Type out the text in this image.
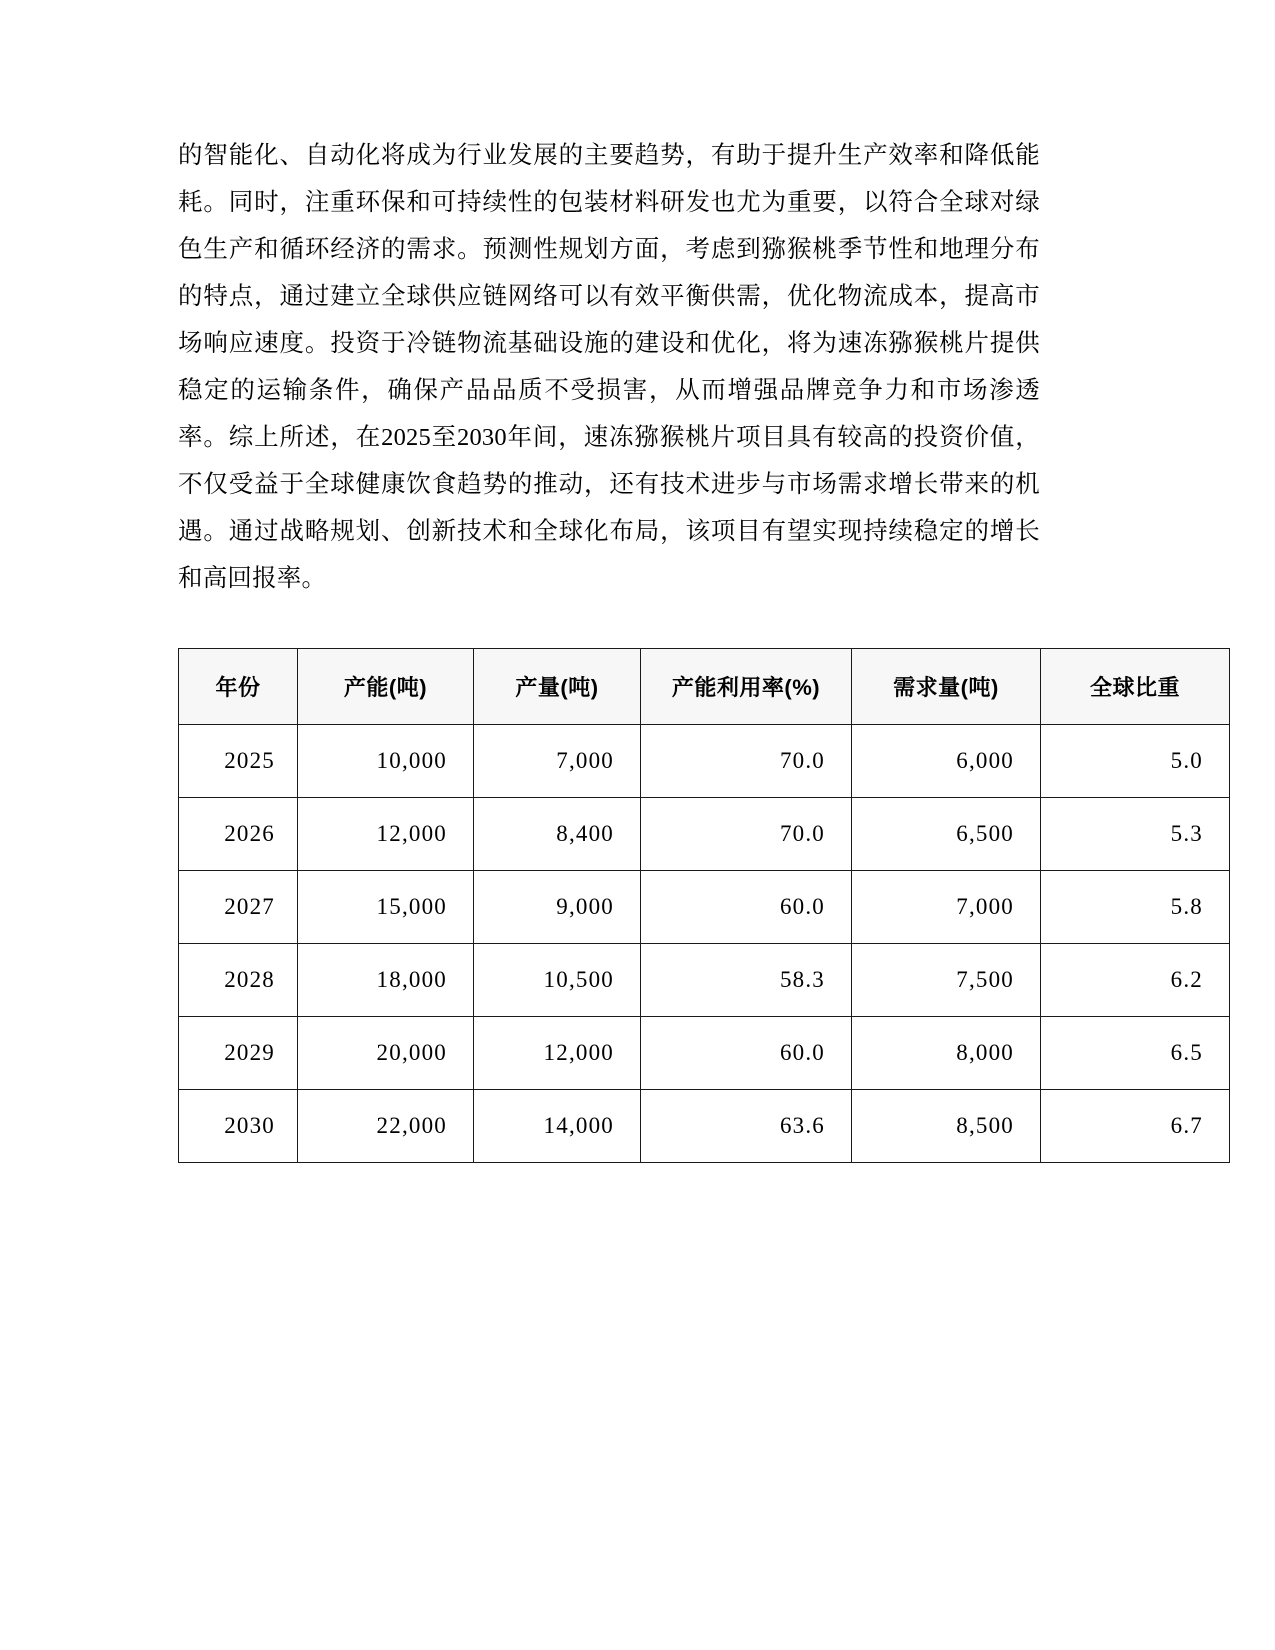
的智能化、自动化将成为行业发展的主要趋势，有助于提升生产效率和降低能耗。同时，注重环保和可持续性的包装材料研发也尤为重要，以符合全球对绿色生产和循环经济的需求。预测性规划方面，考虑到猕猴桃季节性和地理分布的特点，通过建立全球供应链网络可以有效平衡供需，优化物流成本，提高市场响应速度。投资于冷链物流基础设施的建设和优化，将为速冻猕猴桃片提供稳定的运输条件，确保产品品质不受损害，从而增强品牌竞争力和市场渗透率。综上所述，在2025至2030年间，速冻猕猴桃片项目具有较高的投资价值，不仅受益于全球健康饮食趋势的推动，还有技术进步与市场需求增长带来的机遇。通过战略规划、创新技术和全球化布局，该项目有望实现持续稳定的增长和高回报率。

年份	产能(吨)	产量(吨)	产能利用率(%)	需求量(吨)	全球比重
2025	10,000	7,000	70.0	6,000	5.0
2026	12,000	8,400	70.0	6,500	5.3
2027	15,000	9,000	60.0	7,000	5.8
2028	18,000	10,500	58.3	7,500	6.2
2029	20,000	12,000	60.0	8,000	6.5
2030	22,000	14,000	63.6	8,500	6.7
